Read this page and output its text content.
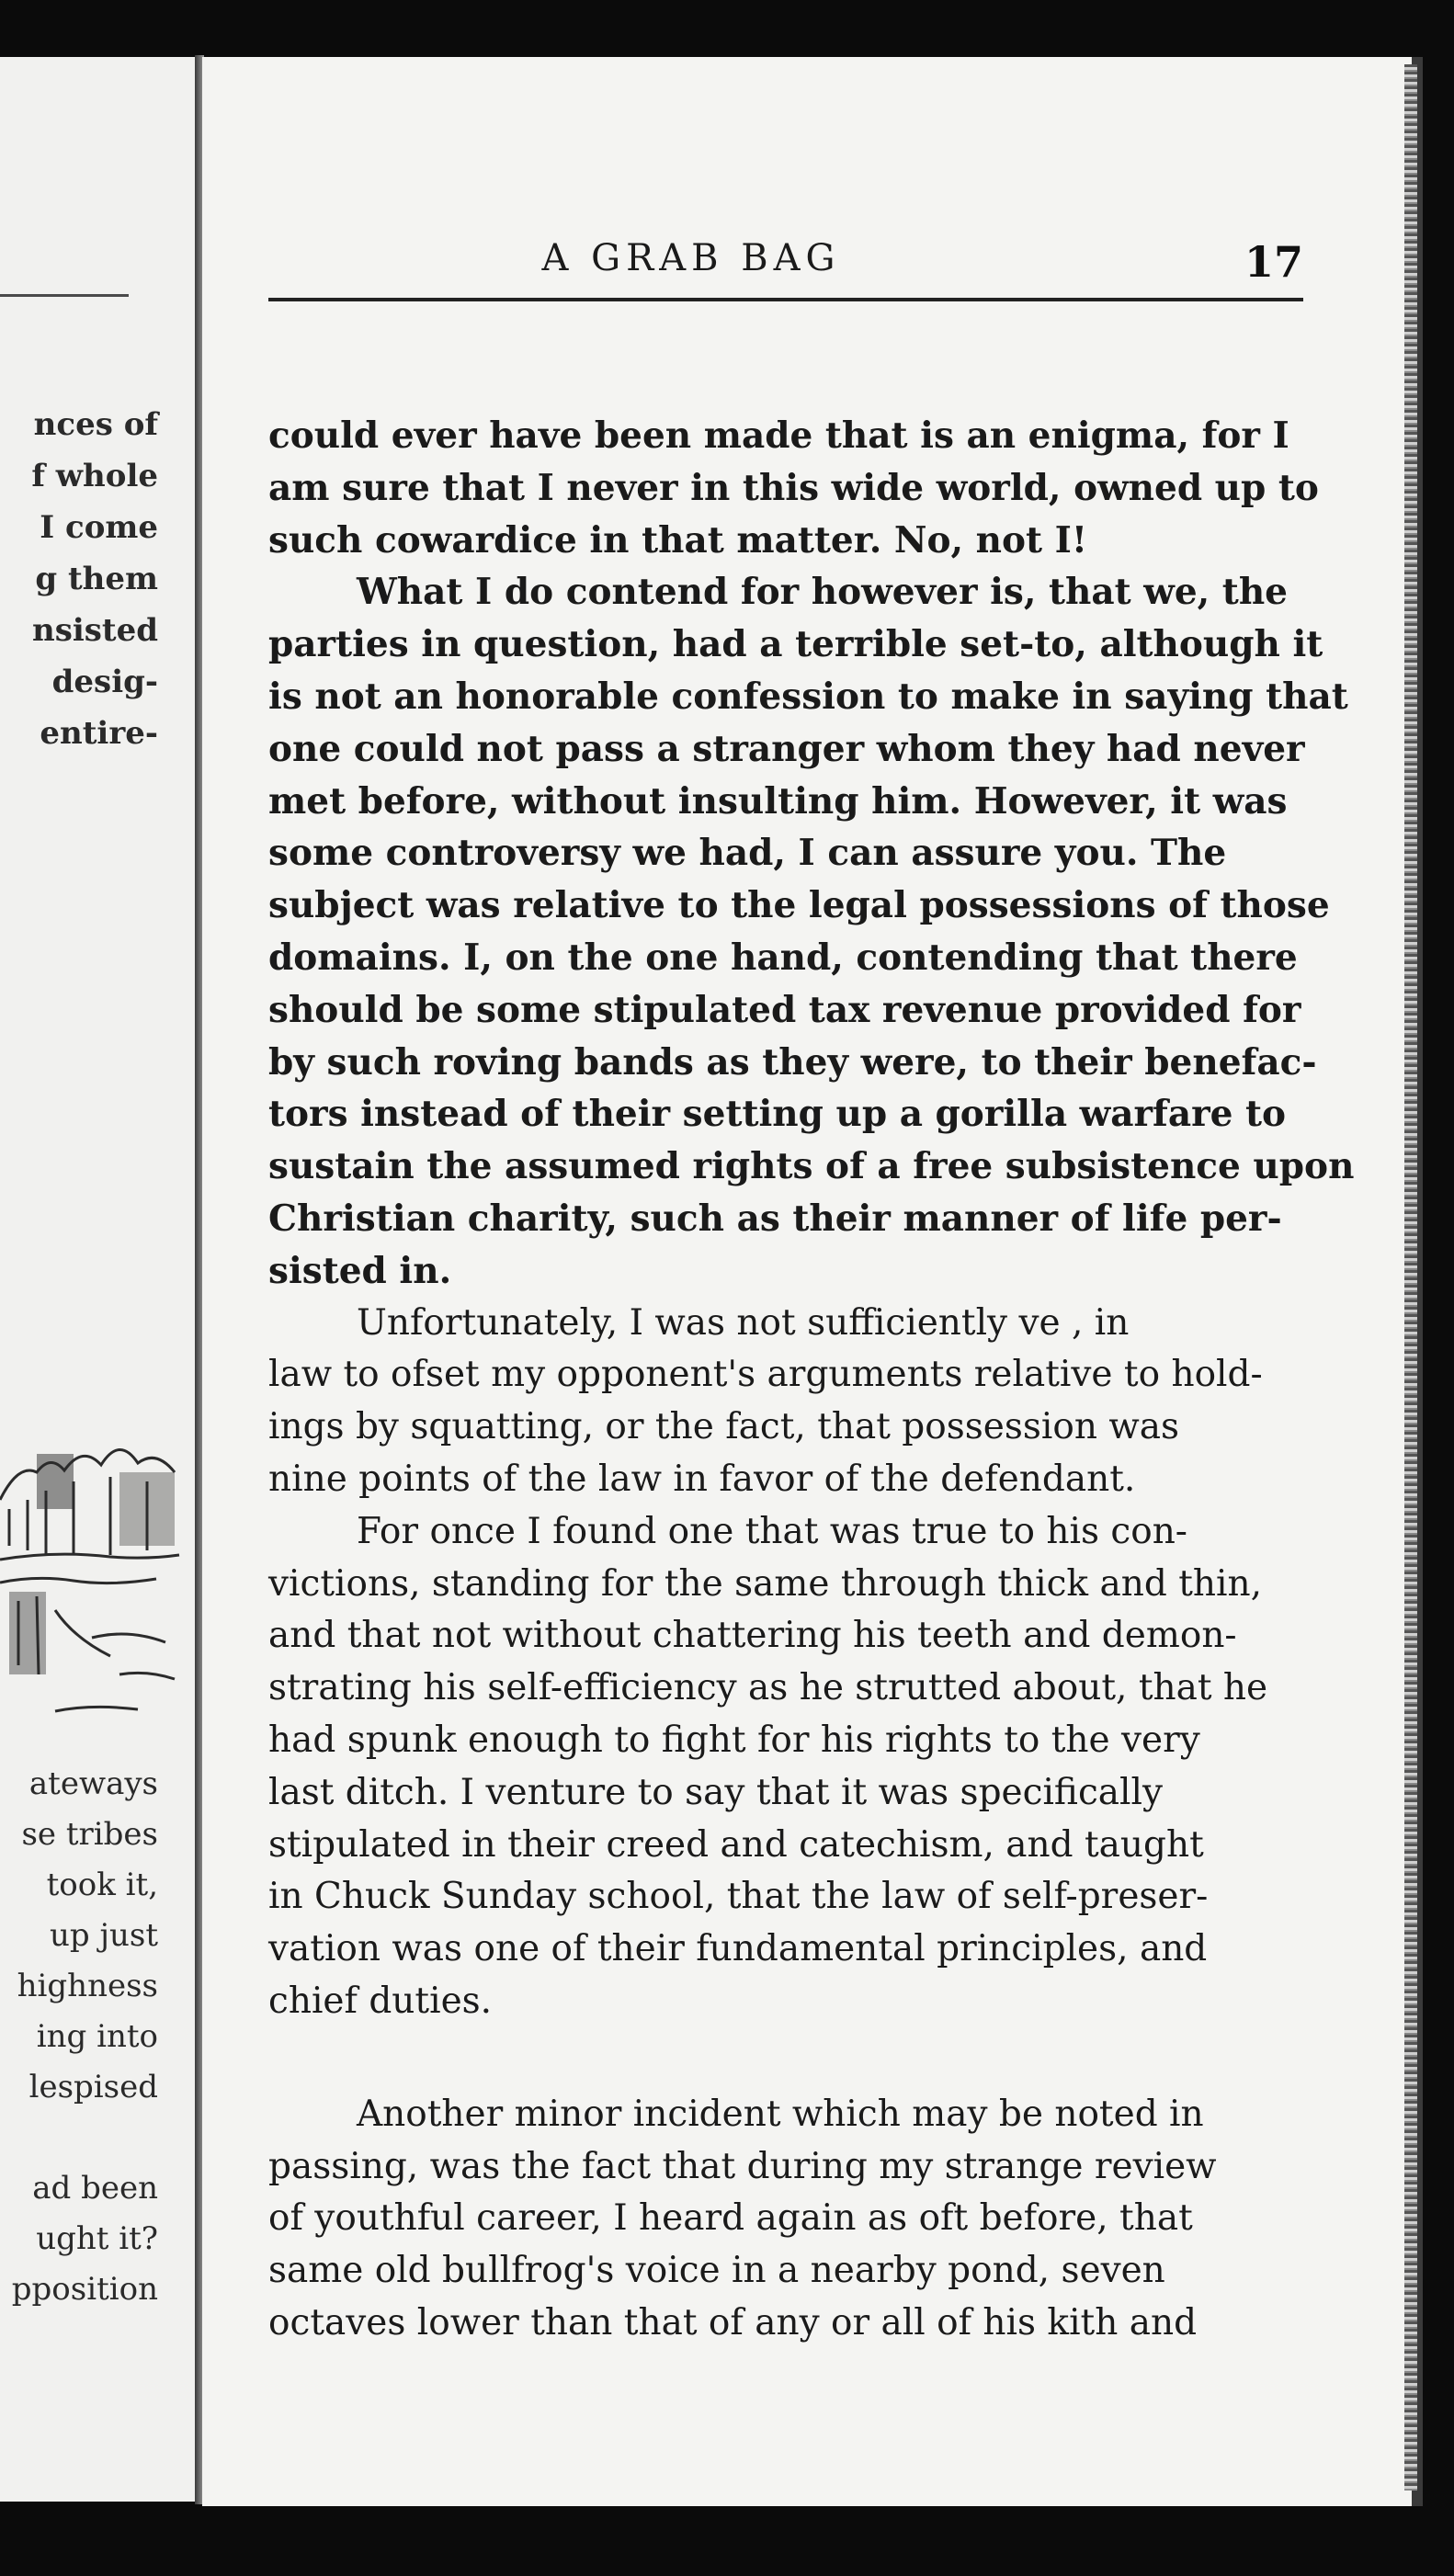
nces of
f whole
I come
g them
nsisted
desig-
entire-
ateways
se tribes
took it,
up just
highness
ing into
lespised

ad been
ught it?
pposition
A GRAB BAG	17
could ever have been made that is an enigma, for I
am sure that I never in this wide world, owned up to
such cowardice in that matter. No, not I!
What I do contend for however is, that we, the
parties in question, had a terrible set-to, although it
is not an honorable confession to make in saying that
one could not pass a stranger whom they had never
met before, without insulting him. However, it was
some controversy we had, I can assure you. The
subject was relative to the legal possessions of those
domains. I, on the one hand, contending that there
should be some stipulated tax revenue provided for
by such roving bands as they were, to their benefac-
tors instead of their setting up a gorilla warfare to
sustain the assumed rights of a free subsistence upon
Christian charity, such as their manner of life per-
sisted in.
Unfortunately, I was not sufficiently ve , in
law to ofset my opponent's arguments relative to hold-
ings by squatting, or the fact, that possession was
nine points of the law in favor of the defendant.
For once I found one that was true to his con-
victions, standing for the same through thick and thin,
and that not without chattering his teeth and demon-
strating his self-efficiency as he strutted about, that he
had spunk enough to fight for his rights to the very
last ditch. I venture to say that it was specifically
stipulated in their creed and catechism, and taught
in Chuck Sunday school, that the law of self-preser-
vation was one of their fundamental principles, and
chief duties.
Another minor incident which may be noted in
passing, was the fact that during my strange review
of youthful career, I heard again as oft before, that
same old bullfrog's voice in a nearby pond, seven
octaves lower than that of any or all of his kith and
